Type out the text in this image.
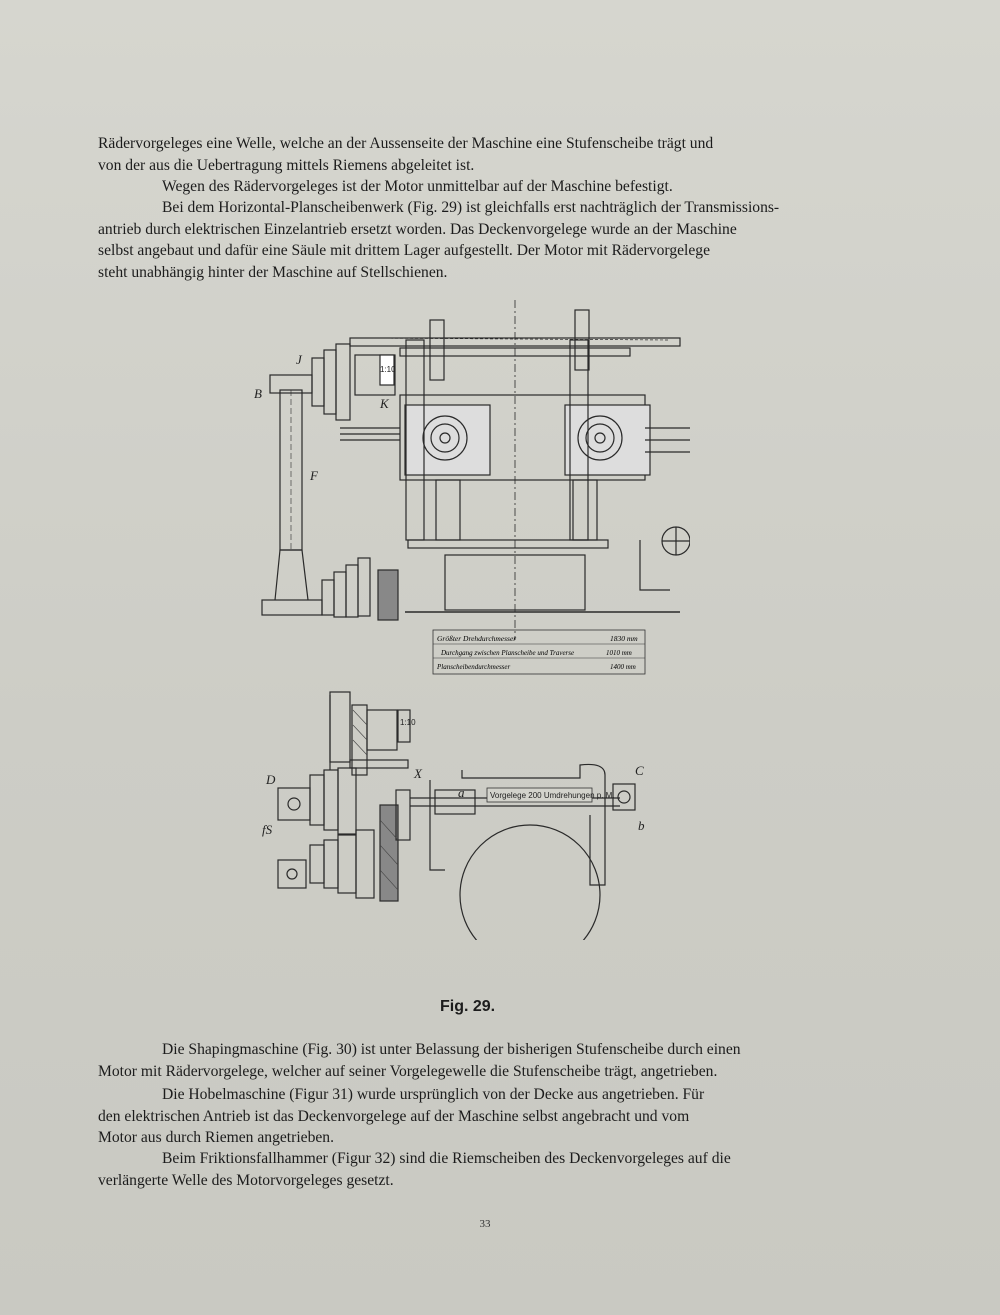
Rädervorgeleges eine Welle, welche an der Aussenseite der Maschine eine Stufenscheibe trägt und
von der aus die Uebertragung mittels Riemens abgeleitet ist.

Wegen des Rädervorgeleges ist der Motor unmittelbar auf der Maschine befestigt.

Bei dem Horizontal-Planscheibenwerk (Fig. 29) ist gleichfalls erst nachträglich der Transmissions-
antrieb durch elektrischen Einzelantrieb ersetzt worden. Das Deckenvorgelege wurde an der Maschine
selbst angebaut und dafür eine Säule mit drittem Lager aufgestellt. Der Motor mit Rädervorgelege
steht unabhängig hinter der Maschine auf Stellschienen.

Größter Drehdurchmesser	1830 mm
Durchgang zwischen Planscheibe und Traverse	1010 mm
Planscheibendurchmesser	1400 mm
Vorgelege 200 Umdrehungen p. M.
J
B
F
K
C
a
b
X
D
fS
1:10
1:10
Fig. 29.

Die Shapingmaschine (Fig. 30) ist unter Belassung der bisherigen Stufenscheibe durch einen
Motor mit Rädervorgelege, welcher auf seiner Vorgelegewelle die Stufenscheibe trägt, angetrieben.

Die Hobelmaschine (Figur 31) wurde ursprünglich von der Decke aus angetrieben. Für
den elektrischen Antrieb ist das Deckenvorgelege auf der Maschine selbst angebracht und vom
Motor aus durch Riemen angetrieben.

Beim Friktionsfallhammer (Figur 32) sind die Riemscheiben des Deckenvorgeleges auf die
verlängerte Welle des Motorvorgeleges gesetzt.

33
